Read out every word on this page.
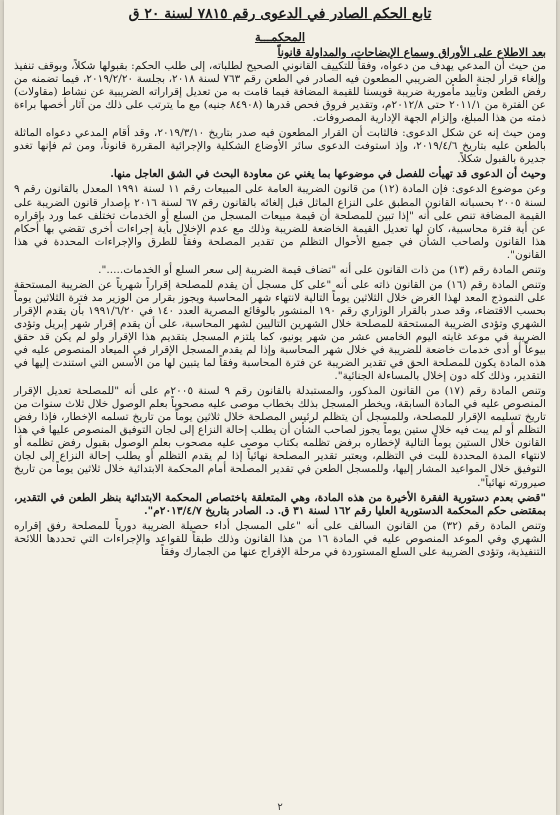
تابع الحكم الصادر في الدعوى رقم ٧٨١٥ لسنة ٢٠ ق
المحكمـــة
بعد الاطلاع على الأوراق وسماع الإيضاحات، والمداولة قانوناً

من حيث أن المدعي يهدف من دعواه، وفقاً للتكييف القانوني الصحيح لطلباته، إلى طلب الحكم: بقبولها شكلاً، وبوقف تنفيذ وإلغاء قرار لجنة الطعن الضريبي المطعون فيه الصادر في الطعن رقم ٧٦٣ لسنة ٢٠١٨، بجلسة ٢٠١٩/٢/٢٠، فيما تضمنه من رفض الطعن وتأييد مأمورية ضريبة قويسنا للقيمة المضافة فيما قامت به من تعديل إقراراته الضريبية عن نشاط (مقاولات) عن الفترة من ٢٠١١/١ حتى ٢٠١٢/٨م، وتقدير فروق فحص قدرها (٨٤٩٠٨ جنيه) مع ما يترتب على ذلك من آثار أخصها براءة ذمته من هذا المبلغ، وإلزام الجهة الإدارية المصروفات.

ومن حيث إنه عن شكل الدعوى: فالثابت أن القرار المطعون فيه صدر بتاريخ ٢٠١٩/٣/١٠، وقد أقام المدعي دعواه الماثلة بالطعن عليه بتاريخ ٢٠١٩/٤/٦، وإذ استوفت الدعوى سائر الأوضاع الشكلية والإجرائية المقررة قانوناً، ومن ثم فإنها تغدو جديرة بالقبول شكلاً.

وحيث أن الدعوى قد تهيأت للفصل في موضوعها بما يغني عن معاودة البحث في الشق العاجل منها.

وعن موضوع الدعوى: فإن المادة (١٢) من قانون الضريبة العامة على المبيعات رقم ١١ لسنة ١٩٩١ المعدل بالقانون رقم ٩ لسنة ٢٠٠٥ بحسبانه القانون المطبق على النزاع الماثل قبل إلغائه بالقانون رقم ٦٧ لسنة ٢٠١٦ بإصدار قانون الضريبة على القيمة المضافة تنص على أنه "إذا تبين للمصلحة أن قيمة مبيعات المسجل من السلع أو الخدمات تختلف عما ورد بإقراره عن أية فترة محاسبية، كان لها تعديل القيمة الخاضعة للضريبة وذلك مع عدم الإخلال بأية إجراءات أخرى تقضي بها أحكام هذا القانون ولصاحب الشأن في جميع الأحوال التظلم من تقدير المصلحة وفقاً للطرق والإجراءات المحددة في هذا القانون".

وتنص المادة رقم (١٣) من ذات القانون على أنه "تضاف قيمة الضريبة إلى سعر السلع أو الخدمات.....".

وتنص المادة رقم (١٦) من القانون ذاته على أنه "على كل مسجل أن يقدم للمصلحة إقراراً شهرياً عن الضريبة المستحقة على النموذج المعد لهذا الغرض خلال الثلاثين يوماً التالية لانتهاء شهر المحاسبة ويجوز بقرار من الوزير مد فترة الثلاثين يوماً بحسب الاقتضاء، وقد صدر بالقرار الوزاري رقم ١٩٠ المنشور بالوقائع المصرية العدد ١٤٠ في ١٩٩١/٦/٢٠ بأن يقدم الإقرار الشهري وتؤدى الضريبة المستحقة للمصلحة خلال الشهرين التاليين لشهر المحاسبة، على أن يقدم إقرار شهر إبريل وتؤدى الضريبة في موعد غايته اليوم الخامس عشر من شهر يونيو، كما يلتزم المسجل بتقديم هذا الإقرار ولو لم يكن قد حقق بيوعاً أو أدى خدمات خاضعة للضريبة في خلال شهر المحاسبة وإذا لم يقدم المسجل الإقرار في الميعاد المنصوص عليه في هذه المادة يكون للمصلحة الحق في تقدير الضريبة عن فترة المحاسبة وفقاً لما يتبين لها من الأسس التي استندت إليها في التقدير، وذلك كله دون إخلال بالمساءلة الجنائية".

وتنص المادة رقم (١٧) من القانون المذكور، والمستبدلة بالقانون رقم ٩ لسنة ٢٠٠٥م على أنه "للمصلحة تعديل الإقرار المنصوص عليه في المادة السابقة، ويخطر المسجل بذلك بخطاب موصى عليه مصحوباً بعلم الوصول خلال ثلاث سنوات من تاريخ تسليمه الإقرار للمصلحة، وللمسجل أن يتظلم لرئيس المصلحة خلال ثلاثين يوماً من تاريخ تسلمه الإخطار، فإذا رفض التظلم أو لم يبت فيه خلال ستين يوماً يجوز لصاحب الشأن أن يطلب إحالة النزاع إلى لجان التوفيق المنصوص عليها في هذا القانون خلال الستين يوماً التالية لإخطاره برفض تظلمه بكتاب موصى عليه مصحوب بعلم الوصول بقبول رفض تظلمه أو لانتهاء المدة المحددة للبت في التظلم، ويعتبر تقدير المصلحة نهائياً إذا لم يقدم التظلم أو يطلب إحالة النزاع إلى لجان التوفيق خلال المواعيد المشار إليها، وللمسجل الطعن في تقدير المصلحة أمام المحكمة الابتدائية خلال ثلاثين يوماً من تاريخ صيرورته نهائياً".

"قضي بعدم دستورية الفقرة الأخيرة من هذه المادة، وهي المتعلقة باختصاص المحكمة الابتدائية بنظر الطعن في التقدير، بمقتضى حكم المحكمة الدستورية العليا رقم ١٦٢ لسنة ٣١ ق. د. الصادر بتاريخ ٢٠١٣/٤/٧م".

وتنص المادة رقم (٣٢) من القانون السالف على أنه "على المسجل أداء حصيلة الضريبة دورياً للمصلحة رفق إقراره الشهري وفي الموعد المنصوص عليه في المادة ١٦ من هذا القانون وذلك طبقاً للقواعد والإجراءات التي تحددها اللائحة التنفيذية، وتؤدى الضريبة على السلع المستوردة في مرحلة الإفراج عنها من الجمارك وفقاً

٢
